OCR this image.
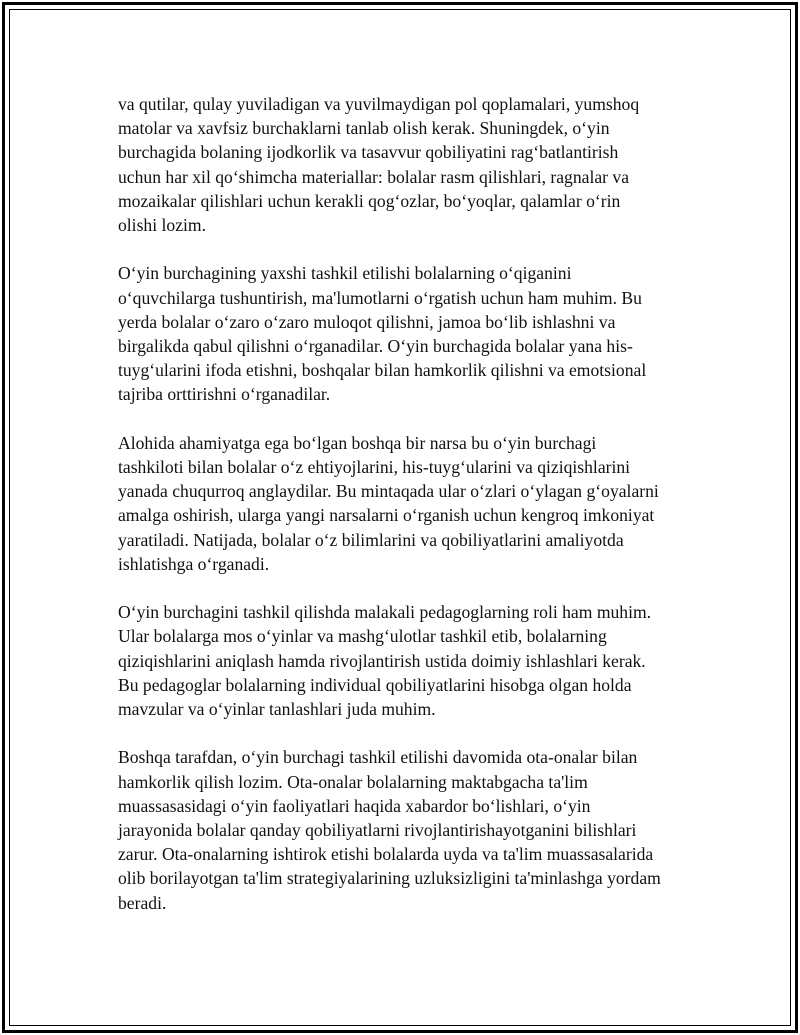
va qutilar, qulay yuviladigan va yuvilmaydigan pol qoplamalari, yumshoq
matolar va xavfsiz burchaklarni tanlab olish kerak. Shuningdek, o‘yin
burchagida bolaning ijodkorlik va tasavvur qobiliyatini rag‘batlantirish
uchun har xil qo‘shimcha materiallar: bolalar rasm qilishlari, ragnalar va
mozaikalar qilishlari uchun kerakli qog‘ozlar, bo‘yoqlar, qalamlar o‘rin
olishi lozim.

O‘yin burchagining yaxshi tashkil etilishi bolalarning o‘qiganini
o‘quvchilarga tushuntirish, ma'lumotlarni o‘rgatish uchun ham muhim. Bu
yerda bolalar o‘zaro o‘zaro muloqot qilishni, jamoa bo‘lib ishlashni va
birgalikda qabul qilishni o‘rganadilar. O‘yin burchagida bolalar yana his-
tuyg‘ularini ifoda etishni, boshqalar bilan hamkorlik qilishni va emotsional
tajriba orttirishni o‘rganadilar.

Alohida ahamiyatga ega bo‘lgan boshqa bir narsa bu o‘yin burchagi
tashkiloti bilan bolalar o‘z ehtiyojlarini, his-tuyg‘ularini va qiziqishlarini
yanada chuqurroq anglaydilar. Bu mintaqada ular o‘zlari o‘ylagan g‘oyalarni
amalga oshirish, ularga yangi narsalarni o‘rganish uchun kengroq imkoniyat
yaratiladi. Natijada, bolalar o‘z bilimlarini va qobiliyatlarini amaliyotda
ishlatishga o‘rganadi.

O‘yin burchagini tashkil qilishda malakali pedagoglarning roli ham muhim.
Ular bolalarga mos o‘yinlar va mashg‘ulotlar tashkil etib, bolalarning
qiziqishlarini aniqlash hamda rivojlantirish ustida doimiy ishlashlari kerak.
Bu pedagoglar bolalarning individual qobiliyatlarini hisobga olgan holda
mavzular va o‘yinlar tanlashlari juda muhim.

Boshqa tarafdan, o‘yin burchagi tashkil etilishi davomida ota-onalar bilan
hamkorlik qilish lozim. Ota-onalar bolalarning maktabgacha ta'lim
muassasasidagi o‘yin faoliyatlari haqida xabardor bo‘lishlari, o‘yin
jarayonida bolalar qanday qobiliyatlarni rivojlantirishayotganini bilishlari
zarur. Ota-onalarning ishtirok etishi bolalarda uyda va ta'lim muassasalarida
olib borilayotgan ta'lim strategiyalarining uzluksizligini ta'minlashga yordam
beradi.
